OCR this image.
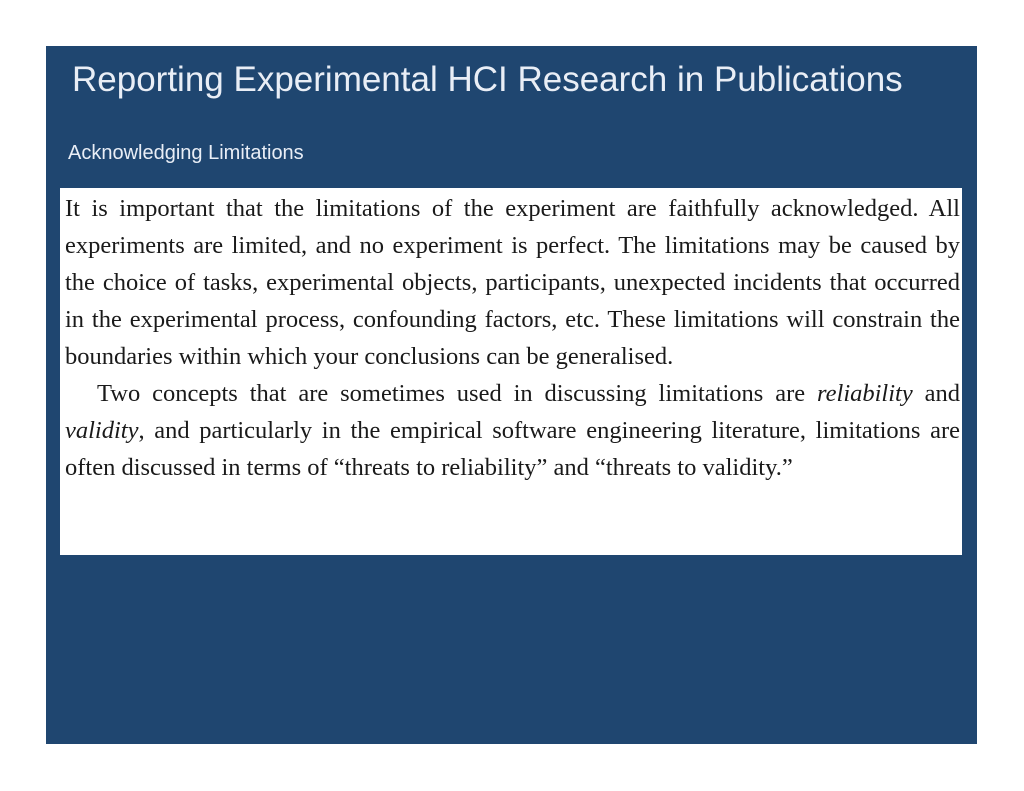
Reporting Experimental HCI Research in Publications
Acknowledging Limitations

It is important that the limitations of the experiment are faithfully acknowledged. All experiments are limited, and no experiment is perfect. The limitations may be caused by the choice of tasks, experimental objects, participants, unexpected incidents that occurred in the experimental process, confounding factors, etc. These limitations will constrain the boundaries within which your conclusions can be generalised.

Two concepts that are sometimes used in discussing limitations are reliability and validity, and particularly in the empirical software engineering literature, limitations are often discussed in terms of “threats to reliability” and “threats to validity.”
